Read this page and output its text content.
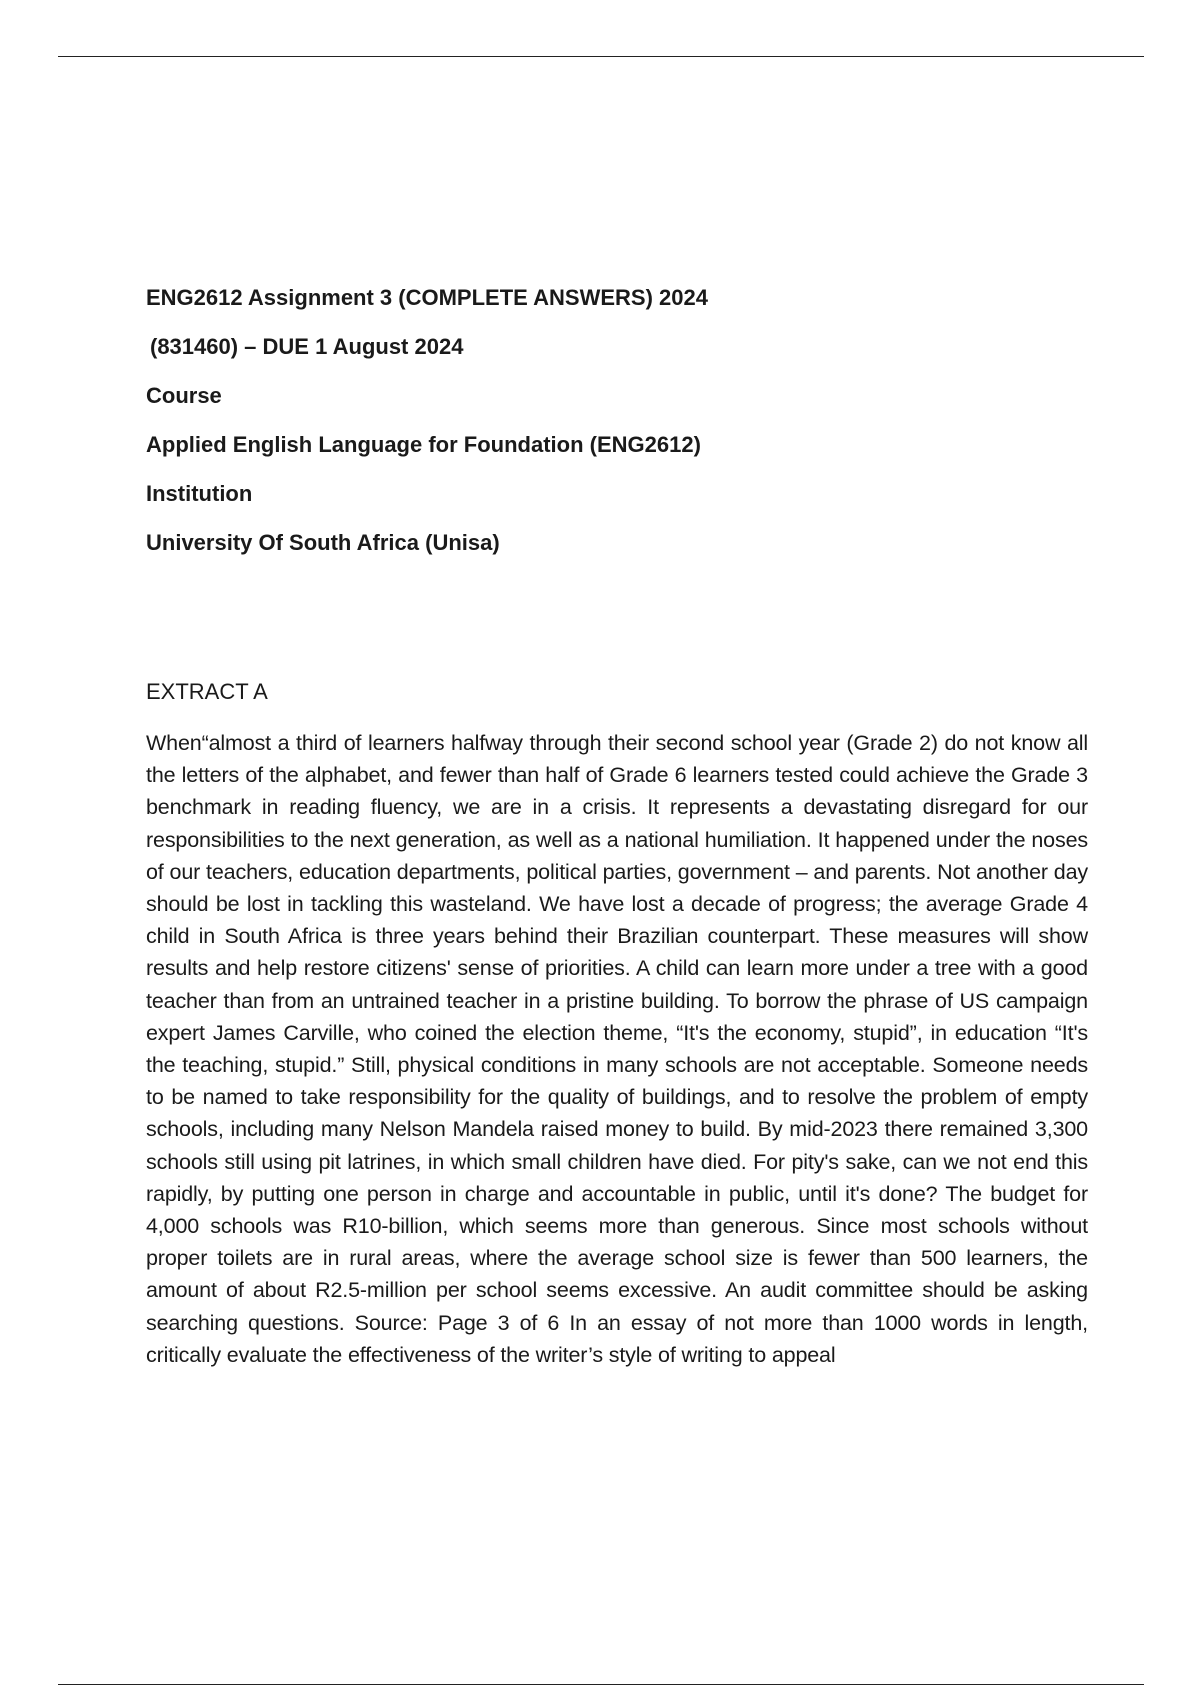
ENG2612 Assignment 3 (COMPLETE ANSWERS) 2024
(831460) – DUE 1 August 2024
Course
Applied English Language for Foundation (ENG2612)
Institution
University Of South Africa (Unisa)

EXTRACT A

When“almost a third of learners halfway through their second school year (Grade 2) do not know all the letters of the alphabet, and fewer than half of Grade 6 learners tested could achieve the Grade 3 benchmark in reading fluency, we are in a crisis. It represents a devastating disregard for our responsibilities to the next generation, as well as a national humiliation. It happened under the noses of our teachers, education departments, political parties, government – and parents. Not another day should be lost in tackling this wasteland. We have lost a decade of progress; the average Grade 4 child in South Africa is three years behind their Brazilian counterpart. These measures will show results and help restore citizens' sense of priorities. A child can learn more under a tree with a good teacher than from an untrained teacher in a pristine building. To borrow the phrase of US campaign expert James Carville, who coined the election theme, “It's the economy, stupid”, in education “It's the teaching, stupid.” Still, physical conditions in many schools are not acceptable. Someone needs to be named to take responsibility for the quality of buildings, and to resolve the problem of empty schools, including many Nelson Mandela raised money to build. By mid-2023 there remained 3,300 schools still using pit latrines, in which small children have died. For pity's sake, can we not end this rapidly, by putting one person in charge and accountable in public, until it's done? The budget for 4,000 schools was R10-billion, which seems more than generous. Since most schools without proper toilets are in rural areas, where the average school size is fewer than 500 learners, the amount of about R2.5-million per school seems excessive. An audit committee should be asking searching questions. Source: Page 3 of 6 In an essay of not more than 1000 words in length, critically evaluate the effectiveness of the writer’s style of writing to appeal
